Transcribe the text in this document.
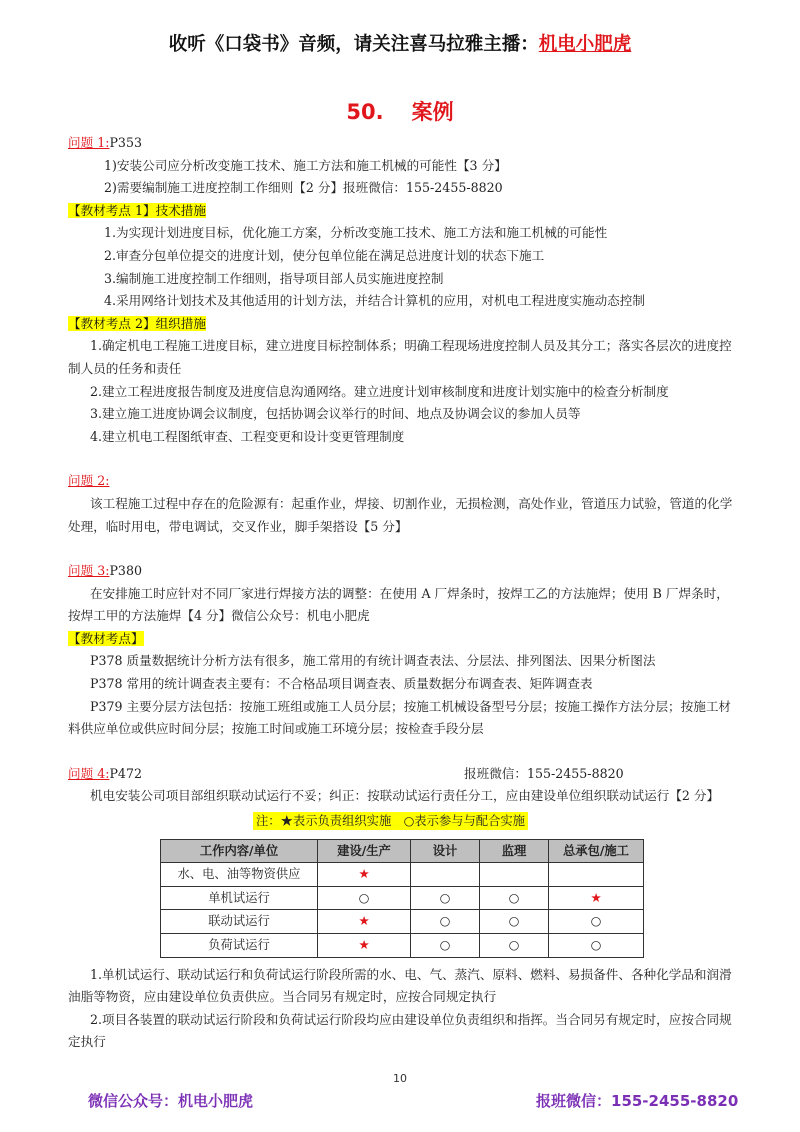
收听《口袋书》音频，请关注喜马拉雅主播：机电小肥虎
50. 案例

问题 1:P353

1)安装公司应分析改变施工技术、施工方法和施工机械的可能性【3 分】

2)需要编制施工进度控制工作细则【2 分】报班微信：155-2455-8820

【教材考点 1】技术措施

1.为实现计划进度目标，优化施工方案，分析改变施工技术、施工方法和施工机械的可能性

2.审查分包单位提交的进度计划，使分包单位能在满足总进度计划的状态下施工

3.编制施工进度控制工作细则，指导项目部人员实施进度控制

4.采用网络计划技术及其他适用的计划方法，并结合计算机的应用，对机电工程进度实施动态控制

【教材考点 2】组织措施

1.确定机电工程施工进度目标，建立进度目标控制体系；明确工程现场进度控制人员及其分工；落实各层次的进度控制人员的任务和责任

2.建立工程进度报告制度及进度信息沟通网络。建立进度计划审核制度和进度计划实施中的检查分析制度

3.建立施工进度协调会议制度，包括协调会议举行的时间、地点及协调会议的参加人员等

4.建立机电工程图纸审查、工程变更和设计变更管理制度

问题 2:

该工程施工过程中存在的危险源有：起重作业，焊接、切割作业，无损检测，高处作业，管道压力试验，管道的化学处理，临时用电，带电调试，交叉作业，脚手架搭设【5 分】

问题 3:P380

在安排施工时应针对不同厂家进行焊接方法的调整：在使用 A 厂焊条时，按焊工乙的方法施焊；使用 B 厂焊条时，按焊工甲的方法施焊【4 分】微信公众号：机电小肥虎

【教材考点】

P378 质量数据统计分析方法有很多，施工常用的有统计调查表法、分层法、排列图法、因果分析图法

P378 常用的统计调查表主要有：不合格品项目调查表、质量数据分布调查表、矩阵调查表

P379 主要分层方法包括：按施工班组或施工人员分层；按施工机械设备型号分层；按施工操作方法分层；按施工材料供应单位或供应时间分层；按施工时间或施工环境分层；按检查手段分层

问题 4:P472	报班微信：155-2455-8820

机电安装公司项目部组织联动试运行不妥；纠正：按联动试运行责任分工，应由建设单位组织联动试运行【2 分】

注：★表示负责组织实施　○表示参与与配合实施
工作内容/单位	建设/生产	设计	监理	总承包/施工
水、电、油等物资供应	★			
单机试运行	○	○	○	★
联动试运行	★	○	○	○
负荷试运行	★	○	○	○

1.单机试运行、联动试运行和负荷试运行阶段所需的水、电、气、蒸汽、原料、燃料、易损备件、各种化学品和润滑油脂等物资，应由建设单位负责供应。当合同另有规定时，应按合同规定执行

2.项目各装置的联动试运行阶段和负荷试运行阶段均应由建设单位负责组织和指挥。当合同另有规定时，应按合同规定执行

10
微信公众号：机电小肥虎	报班微信：155-2455-8820
